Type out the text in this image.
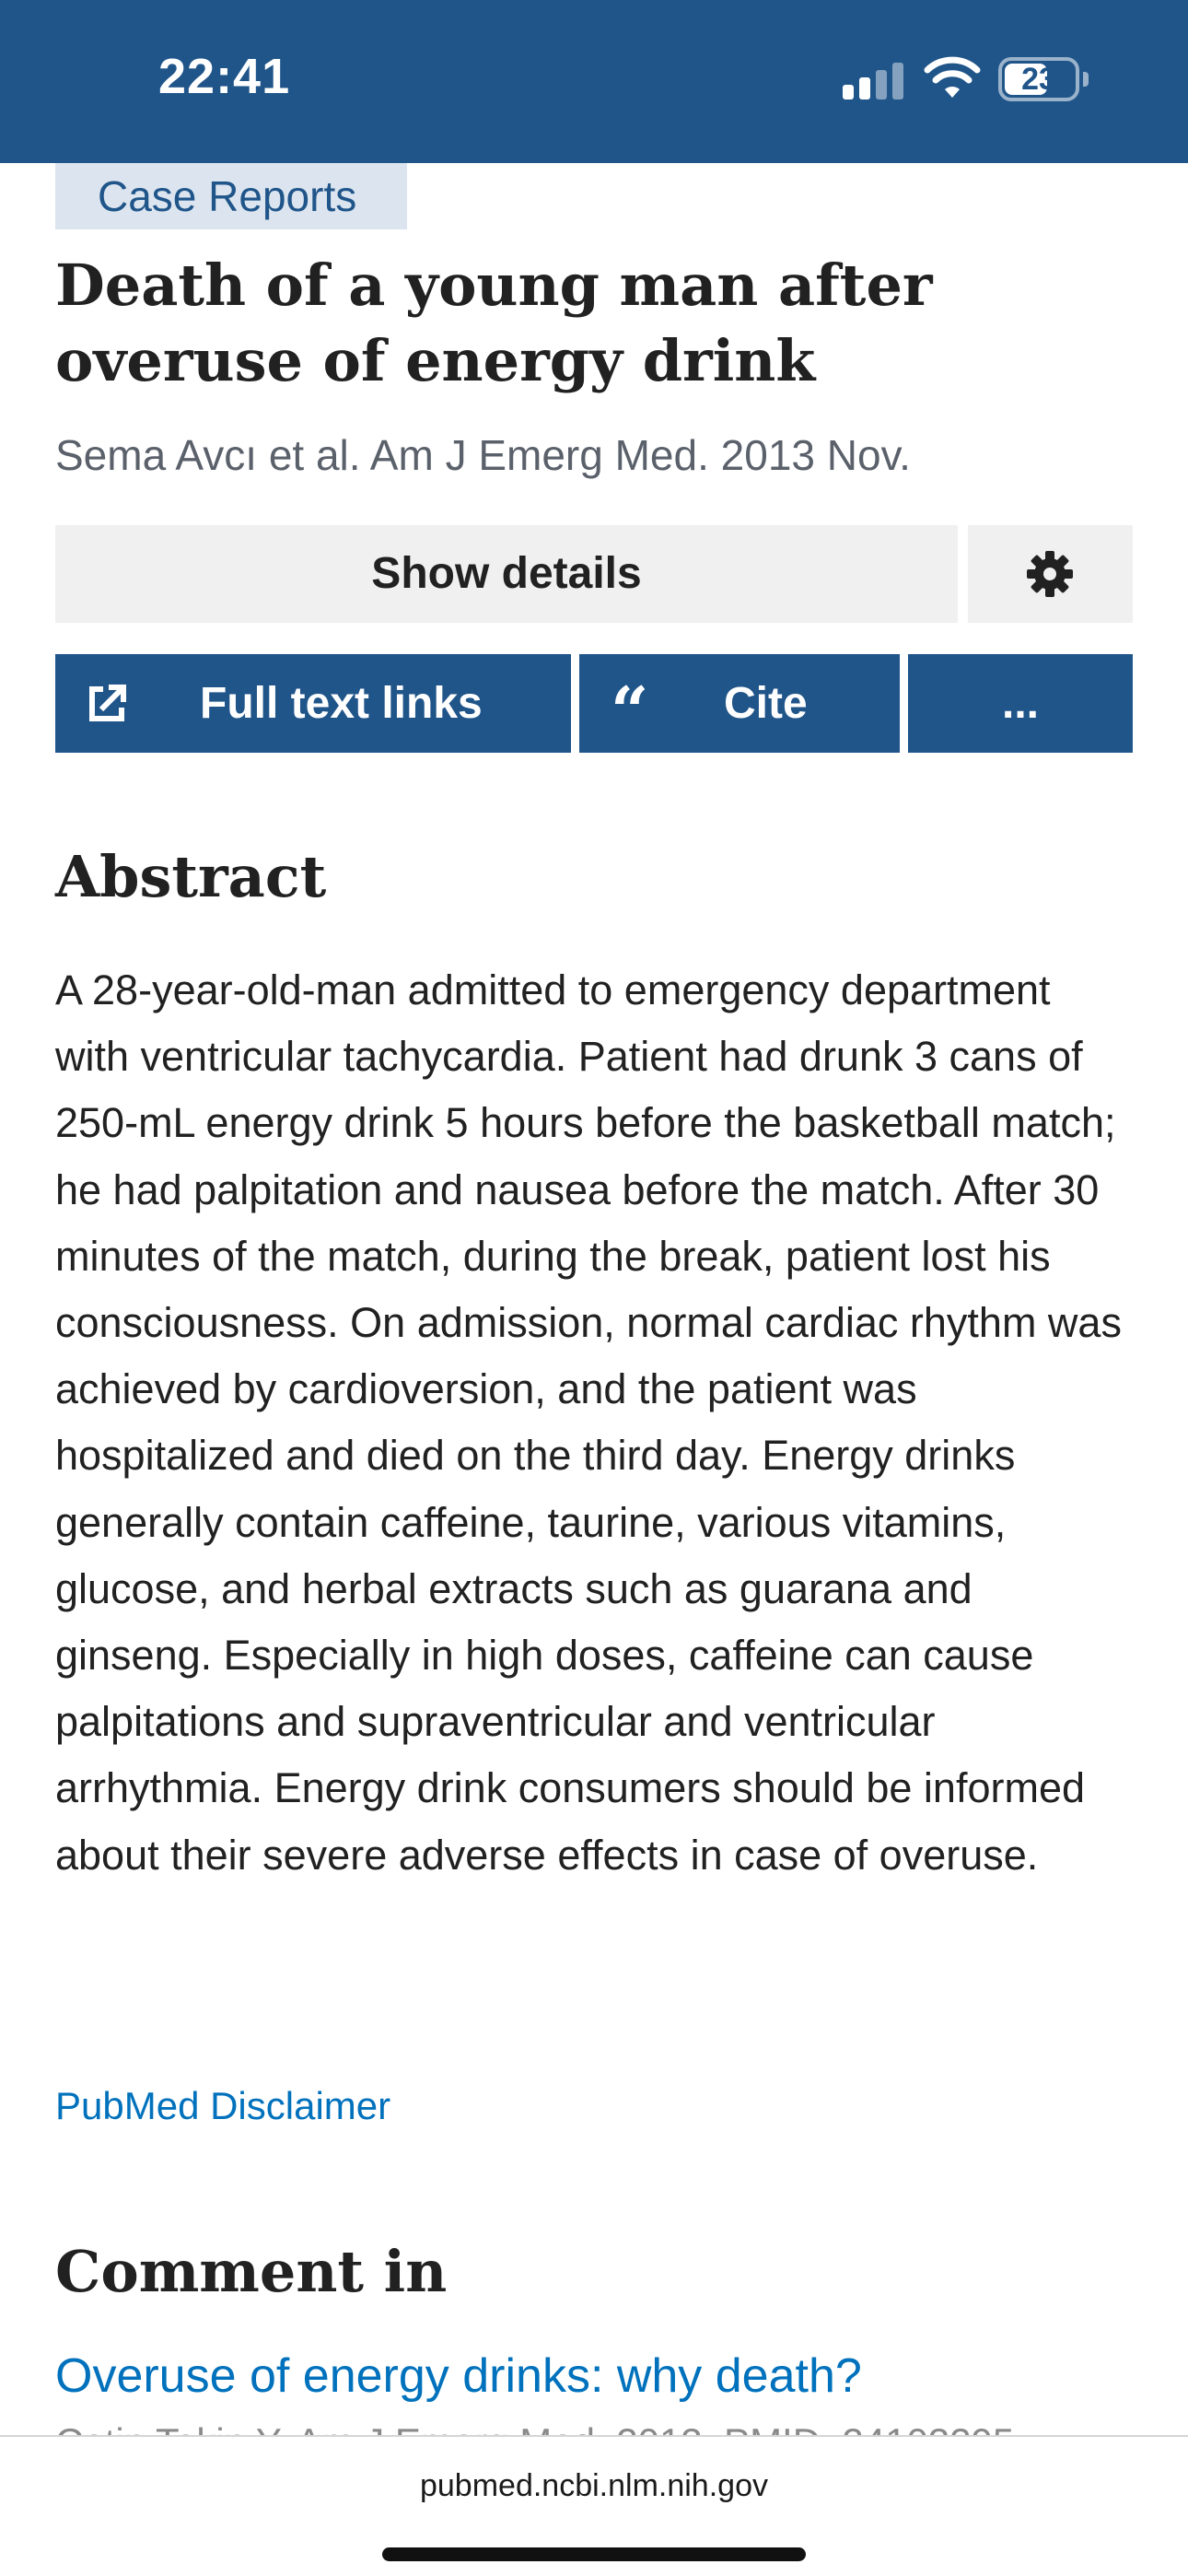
22:41	23
Case Reports
Death of a young man after overuse of energy drink
Sema Avcı et al. Am J Emerg Med. 2013 Nov.
Show details
Full text links “ Cite	...
Abstract

A 28-year-old-man admitted to emergency department with ventricular tachycardia. Patient had drunk 3 cans of 250-mL energy drink 5 hours before the basketball match; he had palpitation and nausea before the match. After 30 minutes of the match, during the break, patient lost his consciousness. On admission, normal cardiac rhythm was achieved by cardioversion, and the patient was hospitalized and died on the third day. Energy drinks generally contain caffeine, taurine, various vitamins, glucose, and herbal extracts such as guarana and ginseng. Especially in high doses, caffeine can cause palpitations and supraventricular and ventricular arrhythmia. Energy drink consumers should be informed about their severe adverse effects in case of overuse.

PubMed Disclaimer
Comment in
Overuse of energy drinks: why death?
pubmed.ncbi.nlm.nih.gov
